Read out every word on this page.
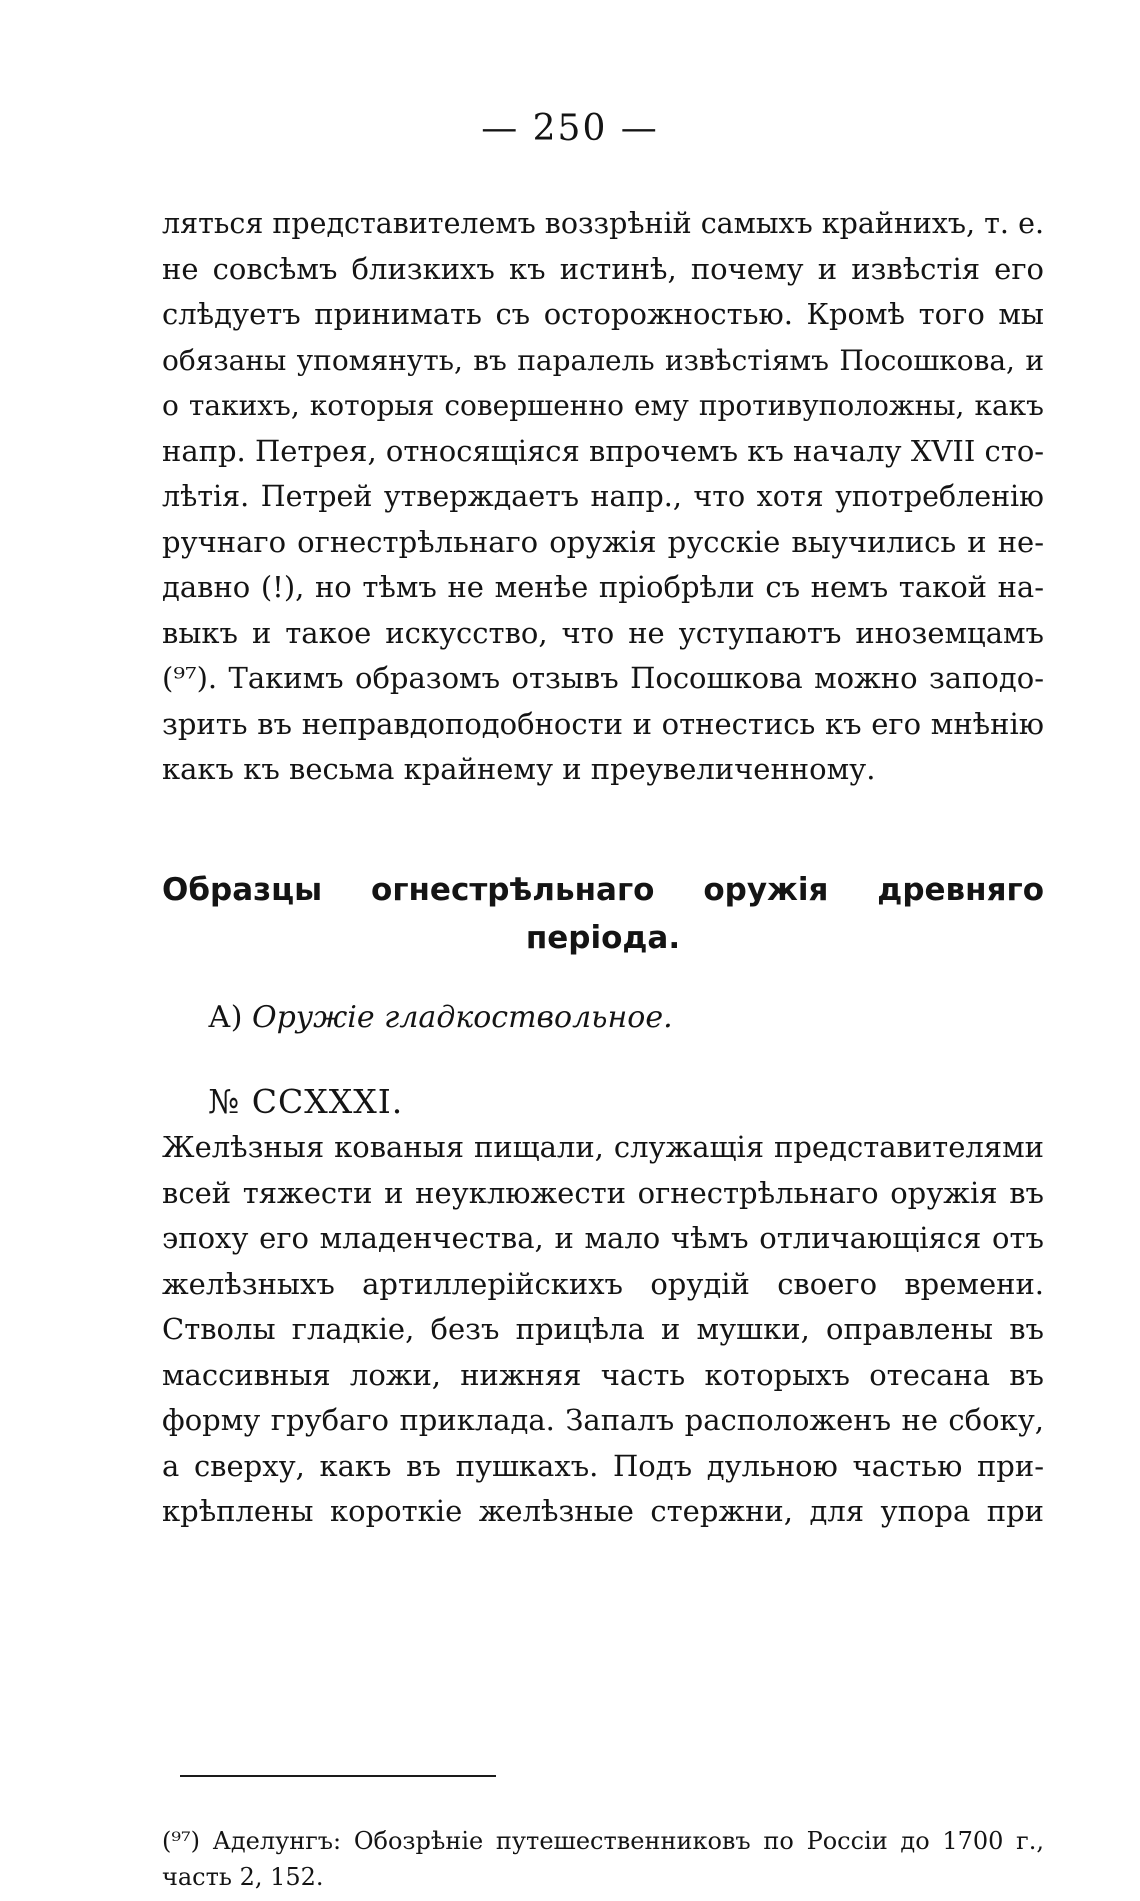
— 250 —
ляться представителемъ воззрѣній самыхъ крайнихъ, т. е.
не совсѣмъ близкихъ къ истинѣ, почему и извѣстія его
слѣдуетъ принимать съ осторожностью. Кромѣ того мы
обязаны упомянуть, въ паралель извѣстіямъ Посошкова, и
о такихъ, которыя совершенно ему противуположны, какъ
напр. Петрея, относящіяся впрочемъ къ началу XVII сто-
лѣтія. Петрей утверждаетъ напр., что хотя употребленію
ручнаго огнестрѣльнаго оружія русскіе выучились и не-
давно (!), но тѣмъ не менѣе пріобрѣли съ немъ такой на-
выкъ и такое искусство, что не уступаютъ иноземцамъ
(⁹⁷). Такимъ образомъ отзывъ Посошкова можно заподо-
зрить въ неправдоподобности и отнестись къ его мнѣнію
какъ къ весьма крайнему и преувеличенному.
Образцы огнестрѣльнаго оружія древняго
періода.
А) Оружіе гладкоствольное.
№ CCXXXI.
Желѣзныя кованыя пищали, служащія представителями
всей тяжести и неуклюжести огнестрѣльнаго оружія въ
эпоху его младенчества, и мало чѣмъ отличающіяся отъ
желѣзныхъ артиллерійскихъ орудій своего времени.
Стволы гладкіе, безъ прицѣла и мушки, оправлены въ
массивныя ложи, нижняя часть которыхъ отесана въ
форму грубаго приклада. Запалъ расположенъ не сбоку,
а сверху, какъ въ пушкахъ. Подъ дульною частью при-
крѣплены короткіе желѣзные стержни, для упора при
(⁹⁷) Аделунгъ: Обозрѣніе путешественниковъ по Россіи до 1700 г.,
часть 2, 152.
